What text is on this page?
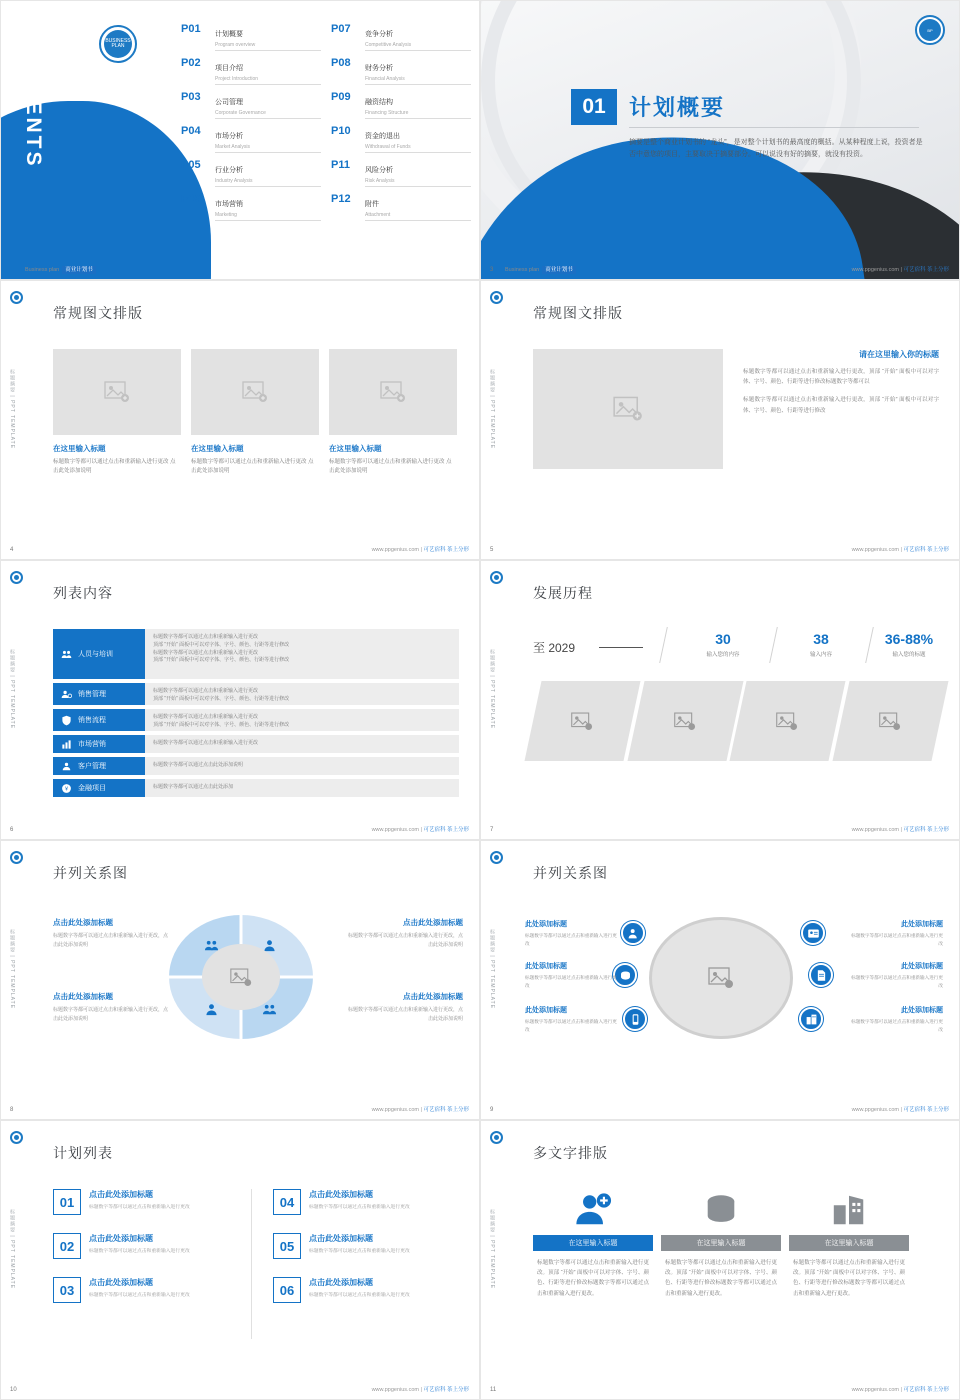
CONTENTS 目录
BUSINESS PLAN
P01	计划概要
Program overview
P07	竞争分析
Competitive Analysis
P02	项目介绍
Project Introduction
P08	财务分析
Financial Analysis
P03	公司管理
Corporate Governance
P09	融资结构
Financing Structure
P04	市场分析
Market Analysis
P10	资金的退出
Withdrawal of Funds
P05	行业分析
Industry Analysis
P11	风险分析
Risk Analysis
P06	市场营销
Marketing
P12	附件
Attachment
Business plan 商业计划书
BP
01	计划概要
摘要是整个商业计划书的 “龙头”，是对整个计划书的最高度的概括。从某种程度上说，投资者是否中意您的项目，主要取决于摘要部分。可以说没有好的摘要，就没有投资。
3 Business plan 商业计划书	www.ppgenius.com | 可艺宿科 茶上分形
标题摘要 | PPT TEMPLATE
常规图文排版
在这里输入标题

标题数字等都可以通过点击和重新输入进行更改 点击此处添加说明

在这里输入标题

标题数字等都可以通过点击和重新输入进行更改 点击此处添加说明

在这里输入标题

标题数字等都可以通过点击和重新输入进行更改 点击此处添加说明

4	www.ppgenius.com | 可艺宿科 茶上分形
标题摘要 | PPT TEMPLATE
常规图文排版
请在这里输入你的标题

标题数字等都可以通过点击和重新输入进行更改，顶部 “开始” 面板中可以对字体、字号、颜色、行距等进行修改标题数字等都可以

标题数字等都可以通过点击和重新输入进行更改，顶部 “开始” 面板中可以对字体、字号、颜色、行距等进行修改

5	www.ppgenius.com | 可艺宿科 茶上分形
标题摘要 | PPT TEMPLATE
列表内容
人员与培训
标题数字等都可以通过点击和重新输入进行更改
顶部 “开始” 面板中可以对字体、字号、颜色、行距等进行修改
标题数字等都可以通过点击和重新输入进行更改
顶部 “开始” 面板中可以对字体、字号、颜色、行距等进行修改
销售管理	标题数字等都可以通过点击和重新输入进行更改
顶部 “开始” 面板中可以对字体、字号、颜色、行距等进行修改
销售流程	标题数字等都可以通过点击和重新输入进行更改
顶部 “开始” 面板中可以对字体、字号、颜色、行距等进行修改
市场营销	标题数字等都可以通过点击和重新输入进行更改
客户管理	标题数字等都可以通过点击此处添加说明
¥ 金融项目	标题数字等都可以通过点击此处添加
6	www.ppgenius.com | 可艺宿科 茶上分形
标题摘要 | PPT TEMPLATE
发展历程
至 2029
30
输入您的内容
38
输入内容
36-88%
输入您的标题
7	www.ppgenius.com | 可艺宿科 茶上分形
标题摘要 | PPT TEMPLATE
并列关系图
点击此处添加标题

标题数字等都可以通过点击和重新输入进行更改，点击此处添加说明

点击此处添加标题

标题数字等都可以通过点击和重新输入进行更改，点击此处添加说明

点击此处添加标题

标题数字等都可以通过点击和重新输入进行更改，点击此处添加说明

点击此处添加标题

标题数字等都可以通过点击和重新输入进行更改，点击此处添加说明

8	www.ppgenius.com | 可艺宿科 茶上分形
标题摘要 | PPT TEMPLATE
并列关系图
此处添加标题

标题数字等都可以通过点击和重新输入进行更改

此处添加标题

标题数字等都可以通过点击和重新输入进行更改

此处添加标题

标题数字等都可以通过点击和重新输入进行更改

此处添加标题

标题数字等都可以通过点击和重新输入进行更改

此处添加标题

标题数字等都可以通过点击和重新输入进行更改

此处添加标题

标题数字等都可以通过点击和重新输入进行更改

9	www.ppgenius.com | 可艺宿科 茶上分形
标题摘要 | PPT TEMPLATE
计划列表
01	点击此处添加标题

标题数字等都可以通过点击和重新输入进行更改

02	点击此处添加标题

标题数字等都可以通过点击和重新输入进行更改

03	点击此处添加标题

标题数字等都可以通过点击和重新输入进行更改

04	点击此处添加标题

标题数字等都可以通过点击和重新输入进行更改

05	点击此处添加标题

标题数字等都可以通过点击和重新输入进行更改

06	点击此处添加标题

标题数字等都可以通过点击和重新输入进行更改

10	www.ppgenius.com | 可艺宿科 茶上分形
标题摘要 | PPT TEMPLATE
多文字排版
在这里输入标题

标题数字等都可以通过点击和重新输入进行更改。顶部 “开始” 面板中可以对字体、字号、颜色、行距等进行修改标题数字等都可以通过点击和重新输入进行更改。

在这里输入标题

标题数字等都可以通过点击和重新输入进行更改。顶部 “开始” 面板中可以对字体、字号、颜色、行距等进行修改标题数字等都可以通过点击和重新输入进行更改。

在这里输入标题

标题数字等都可以通过点击和重新输入进行更改。顶部 “开始” 面板中可以对字体、字号、颜色、行距等进行修改标题数字等都可以通过点击和重新输入进行更改。

11	www.ppgenius.com | 可艺宿科 茶上分形
